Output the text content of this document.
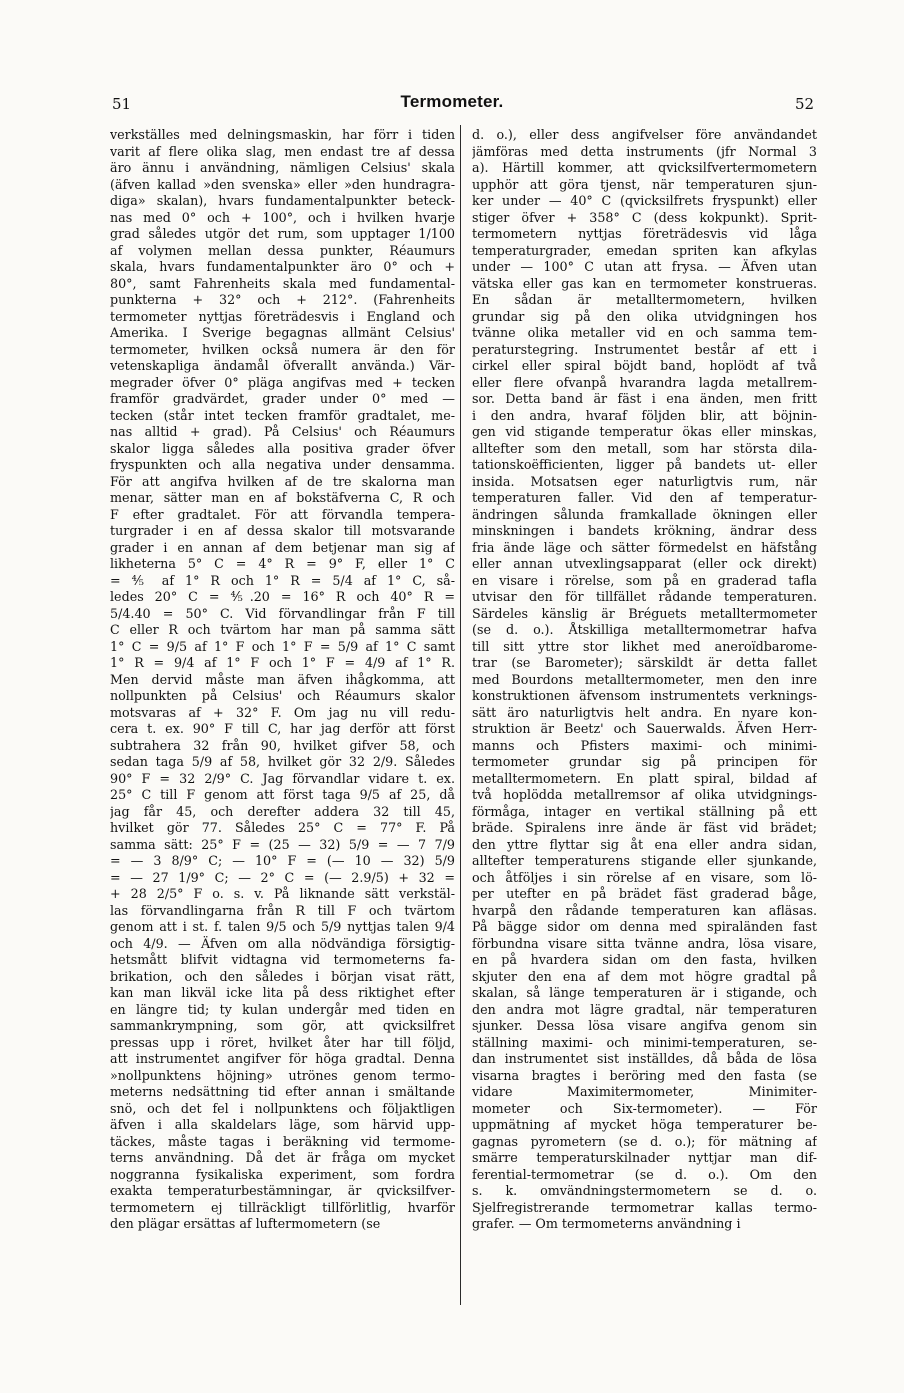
51	Termometer.	52
verkställes med delningsmaskin, har förr i tiden
varit af flere olika slag, men endast tre af dessa
äro ännu i användning, nämligen Celsius' skala
(äfven kallad »den svenska» eller »den hundragra-
diga» skalan), hvars fundamentalpunkter beteck-
nas med 0° och + 100°, och i hvilken hvarje
grad således utgör det rum, som upptager 1/100
af volymen mellan dessa punkter, Réaumurs
skala, hvars fundamentalpunkter äro 0° och +
80°, samt Fahrenheits skala med fundamental-
punkterna + 32° och + 212°. (Fahrenheits
termometer nyttjas företrädesvis i England och
Amerika. I Sverige begagnas allmänt Celsius'
termometer, hvilken också numera är den för
vetenskapliga ändamål öfverallt använda.) Vär-
megrader öfver 0° pläga angifvas med + tecken
framför gradvärdet, grader under 0° med —
tecken (står intet tecken framför gradtalet, me-
nas alltid + grad). På Celsius' och Réaumurs
skalor ligga således alla positiva grader öfver
fryspunkten och alla negativa under densamma.
För att angifva hvilken af de tre skalorna man
menar, sätter man en af bokstäfverna C, R och
F efter gradtalet. För att förvandla tempera-
turgrader i en af dessa skalor till motsvarande
grader i en annan af dem betjenar man sig af
likheterna 5° C = 4° R = 9° F, eller 1° C
= ⅘ af 1° R och 1° R = 5/4 af 1° C, så-
ledes 20° C = ⅘.20 = 16° R och 40° R =
5/4.40 = 50° C. Vid förvandlingar från F till
C eller R och tvärtom har man på samma sätt
1° C = 9/5 af 1° F och 1° F = 5/9 af 1° C samt
1° R = 9/4 af 1° F och 1° F = 4/9 af 1° R.
Men dervid måste man äfven ihågkomma, att
nollpunkten på Celsius' och Réaumurs skalor
motsvaras af + 32° F. Om jag nu vill redu-
cera t. ex. 90° F till C, har jag derför att först
subtrahera 32 från 90, hvilket gifver 58, och
sedan taga 5/9 af 58, hvilket gör 32 2/9. Således
90° F = 32 2/9° C. Jag förvandlar vidare t. ex.
25° C till F genom att först taga 9/5 af 25, då
jag får 45, och derefter addera 32 till 45,
hvilket gör 77. Således 25° C = 77° F. På
samma sätt: 25° F = (25 — 32) 5/9 = — 7 7/9
= — 3 8/9° C; — 10° F = (— 10 — 32) 5/9
= — 27 1/9° C; — 2° C = (— 2.9/5) + 32 =
+ 28 2/5° F o. s. v. På liknande sätt verkstäl-
las förvandlingarna från R till F och tvärtom
genom att i st. f. talen 9/5 och 5/9 nyttjas talen 9/4
och 4/9. — Äfven om alla nödvändiga försigtig-
hetsmått blifvit vidtagna vid termometerns fa-
brikation, och den således i början visat rätt,
kan man likväl icke lita på dess riktighet efter
en längre tid; ty kulan undergår med tiden en
sammankrympning, som gör, att qvicksilfret
pressas upp i röret, hvilket åter har till följd,
att instrumentet angifver för höga gradtal. Denna
»nollpunktens höjning» utrönes genom termo-
meterns nedsättning tid efter annan i smältande
snö, och det fel i nollpunktens och följaktligen
äfven i alla skaldelars läge, som härvid upp-
täckes, måste tagas i beräkning vid termome-
terns användning. Då det är fråga om mycket
noggranna fysikaliska experiment, som fordra
exakta temperaturbestämningar, är qvicksilfver-
termometern ej tillräckligt tillförlitlig, hvarför
den plägar ersättas af luftermometern (se
d. o.), eller dess angifvelser före användandet
jämföras med detta instruments (jfr Normal 3
a). Härtill kommer, att qvicksilfvertermometern
upphör att göra tjenst, när temperaturen sjun-
ker under — 40° C (qvicksilfrets fryspunkt) eller
stiger öfver + 358° C (dess kokpunkt). Sprit-
termometern nyttjas företrädesvis vid låga
temperaturgrader, emedan spriten kan afkylas
under — 100° C utan att frysa. — Äfven utan
vätska eller gas kan en termometer konstrueras.
En sådan är metalltermometern, hvilken
grundar sig på den olika utvidgningen hos
tvänne olika metaller vid en och samma tem-
peraturstegring. Instrumentet består af ett i
cirkel eller spiral böjdt band, hoplödt af två
eller flere ofvanpå hvarandra lagda metallrem-
sor. Detta band är fäst i ena änden, men fritt
i den andra, hvaraf följden blir, att böjnin-
gen vid stigande temperatur ökas eller minskas,
alltefter som den metall, som har största dila-
tationskoëfficienten, ligger på bandets ut- eller
insida. Motsatsen eger naturligtvis rum, när
temperaturen faller. Vid den af temperatur-
ändringen sålunda framkallade ökningen eller
minskningen i bandets krökning, ändrar dess
fria ände läge och sätter förmedelst en häfstång
eller annan utvexlingsapparat (eller ock direkt)
en visare i rörelse, som på en graderad tafla
utvisar den för tillfället rådande temperaturen.
Särdeles känslig är Bréguets metalltermometer
(se d. o.). Åtskilliga metalltermometrar hafva
till sitt yttre stor likhet med aneroïdbarome-
trar (se Barometer); särskildt är detta fallet
med Bourdons metalltermometer, men den inre
konstruktionen äfvensom instrumentets verknings-
sätt äro naturligtvis helt andra. En nyare kon-
struktion är Beetz' och Sauerwalds. Äfven Herr-
manns och Pfisters maximi- och minimi-
termometer grundar sig på principen för
metalltermometern. En platt spiral, bildad af
två hoplödda metallremsor af olika utvidgnings-
förmåga, intager en vertikal ställning på ett
bräde. Spiralens inre ände är fäst vid brädet;
den yttre flyttar sig åt ena eller andra sidan,
alltefter temperaturens stigande eller sjunkande,
och åtföljes i sin rörelse af en visare, som lö-
per utefter en på brädet fäst graderad båge,
hvarpå den rådande temperaturen kan afläsas.
På bägge sidor om denna med spiraländen fast
förbundna visare sitta tvänne andra, lösa visare,
en på hvardera sidan om den fasta, hvilken
skjuter den ena af dem mot högre gradtal på
skalan, så länge temperaturen är i stigande, och
den andra mot lägre gradtal, när temperaturen
sjunker. Dessa lösa visare angifva genom sin
ställning maximi- och minimi-temperaturen, se-
dan instrumentet sist inställdes, då båda de lösa
visarna bragtes i beröring med den fasta (se
vidare Maximitermometer, Minimiter-
mometer och Six-termometer). — För
uppmätning af mycket höga temperaturer be-
gagnas pyrometern (se d. o.); för mätning af
smärre temperaturskilnader nyttjar man dif-
ferential-termometrar (se d. o.). Om den
s. k. omvändningstermometern se d. o.
Sjelfregistrerande termometrar kallas termo-
grafer. — Om termometerns användning i
